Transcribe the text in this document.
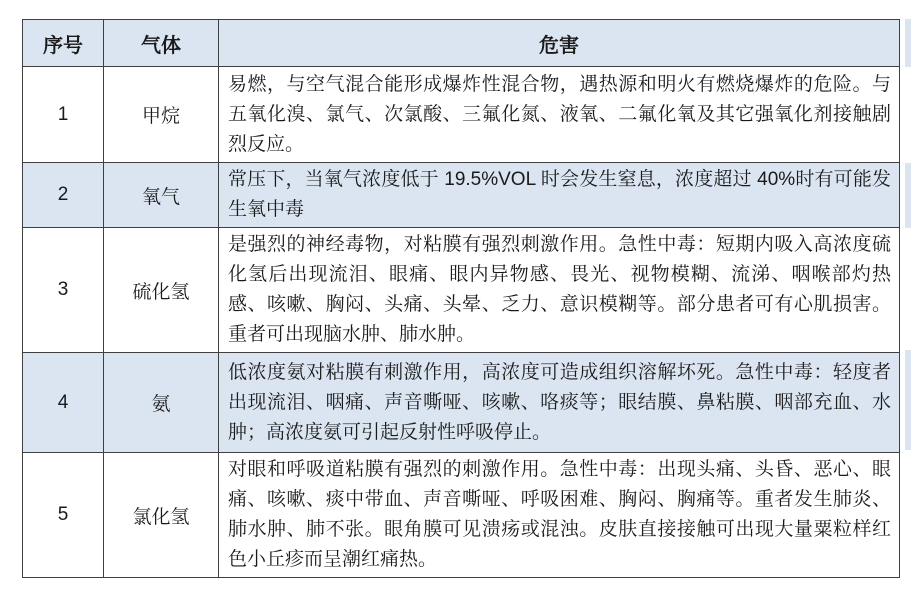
序号	气体	危害
1	甲烷	易燃，与空气混合能形成爆炸性混合物，遇热源和明火有燃烧爆炸的危险。与五氧化溴、氯气、次氯酸、三氟化氮、液氧、二氟化氧及其它强氧化剂接触剧烈反应。
2	氧气	常压下，当氧气浓度低于 19.5%VOL 时会发生窒息，浓度超过 40%时有可能发生氧中毒
3	硫化氢	是强烈的神经毒物，对粘膜有强烈刺激作用。急性中毒：短期内吸入高浓度硫化氢后出现流泪、眼痛、眼内异物感、畏光、视物模糊、流涕、咽喉部灼热感、咳嗽、胸闷、头痛、头晕、乏力、意识模糊等。部分患者可有心肌损害。重者可出现脑水肿、肺水肿。
4	氨	低浓度氨对粘膜有刺激作用，高浓度可造成组织溶解坏死。急性中毒：轻度者出现流泪、咽痛、声音嘶哑、咳嗽、咯痰等；眼结膜、鼻粘膜、咽部充血、水肿；高浓度氨可引起反射性呼吸停止。
5	氯化氢	对眼和呼吸道粘膜有强烈的刺激作用。急性中毒：出现头痛、头昏、恶心、眼痛、咳嗽、痰中带血、声音嘶哑、呼吸困难、胸闷、胸痛等。重者发生肺炎、肺水肿、肺不张。眼角膜可见溃疡或混浊。皮肤直接接触可出现大量粟粒样红色小丘疹而呈潮红痛热。
